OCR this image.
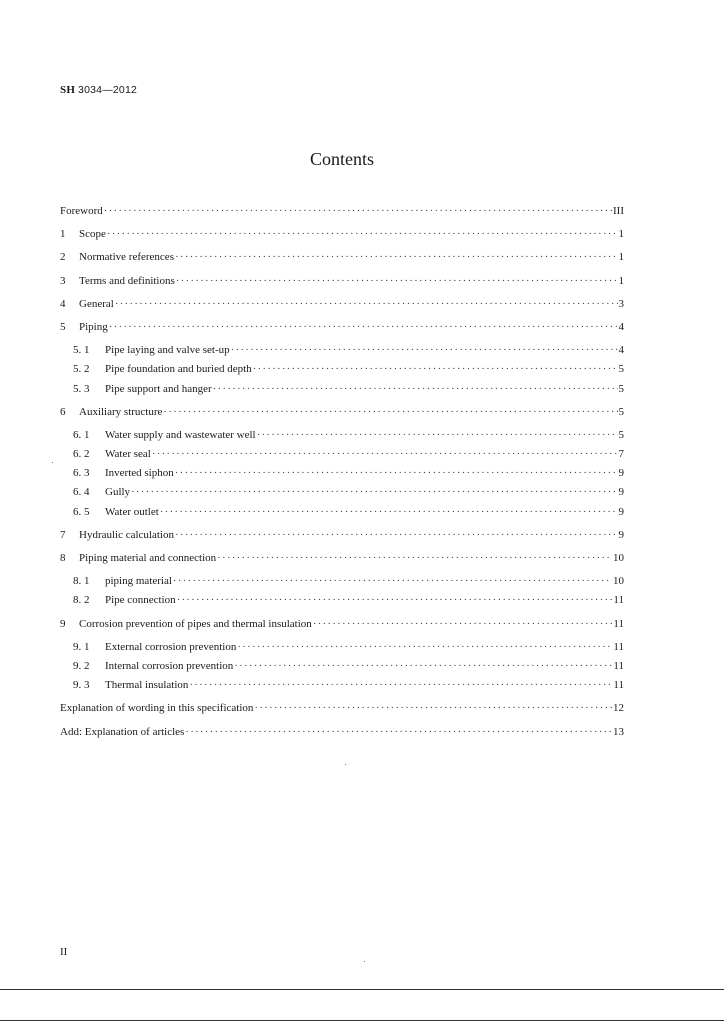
SH 3034—2012
Contents
Foreword ·····	III
1	Scope ·····	1
2	Normative references ·····	1
3	Terms and definitions ·····	1
4	General ·····	3
5	Piping ·····	4
5. 1	Pipe laying and valve set-up ·····	4
5. 2	Pipe foundation and buried depth ·····	5
5. 3	Pipe support and hanger ·····	5
6	Auxiliary structure ·····	5
6. 1	Water supply and wastewater well ·····	5
6. 2	Water seal ·····	7
6. 3	Inverted siphon ·····	9
6. 4	Gully ·····	9
6. 5	Water outlet ·····	9
7	Hydraulic calculation ·····	9
8	Piping material and connection ·····	10
8. 1	piping material ·····	10
8. 2	Pipe connection ·····	11
9	Corrosion prevention of pipes and thermal insulation ·····	11
9. 1	External corrosion prevention ·····	11
9. 2	Internal corrosion prevention ·····	11
9. 3	Thermal insulation ·····	11
Explanation of wording in this specification ·····	12
Add: Explanation of articles ·····	13
II
